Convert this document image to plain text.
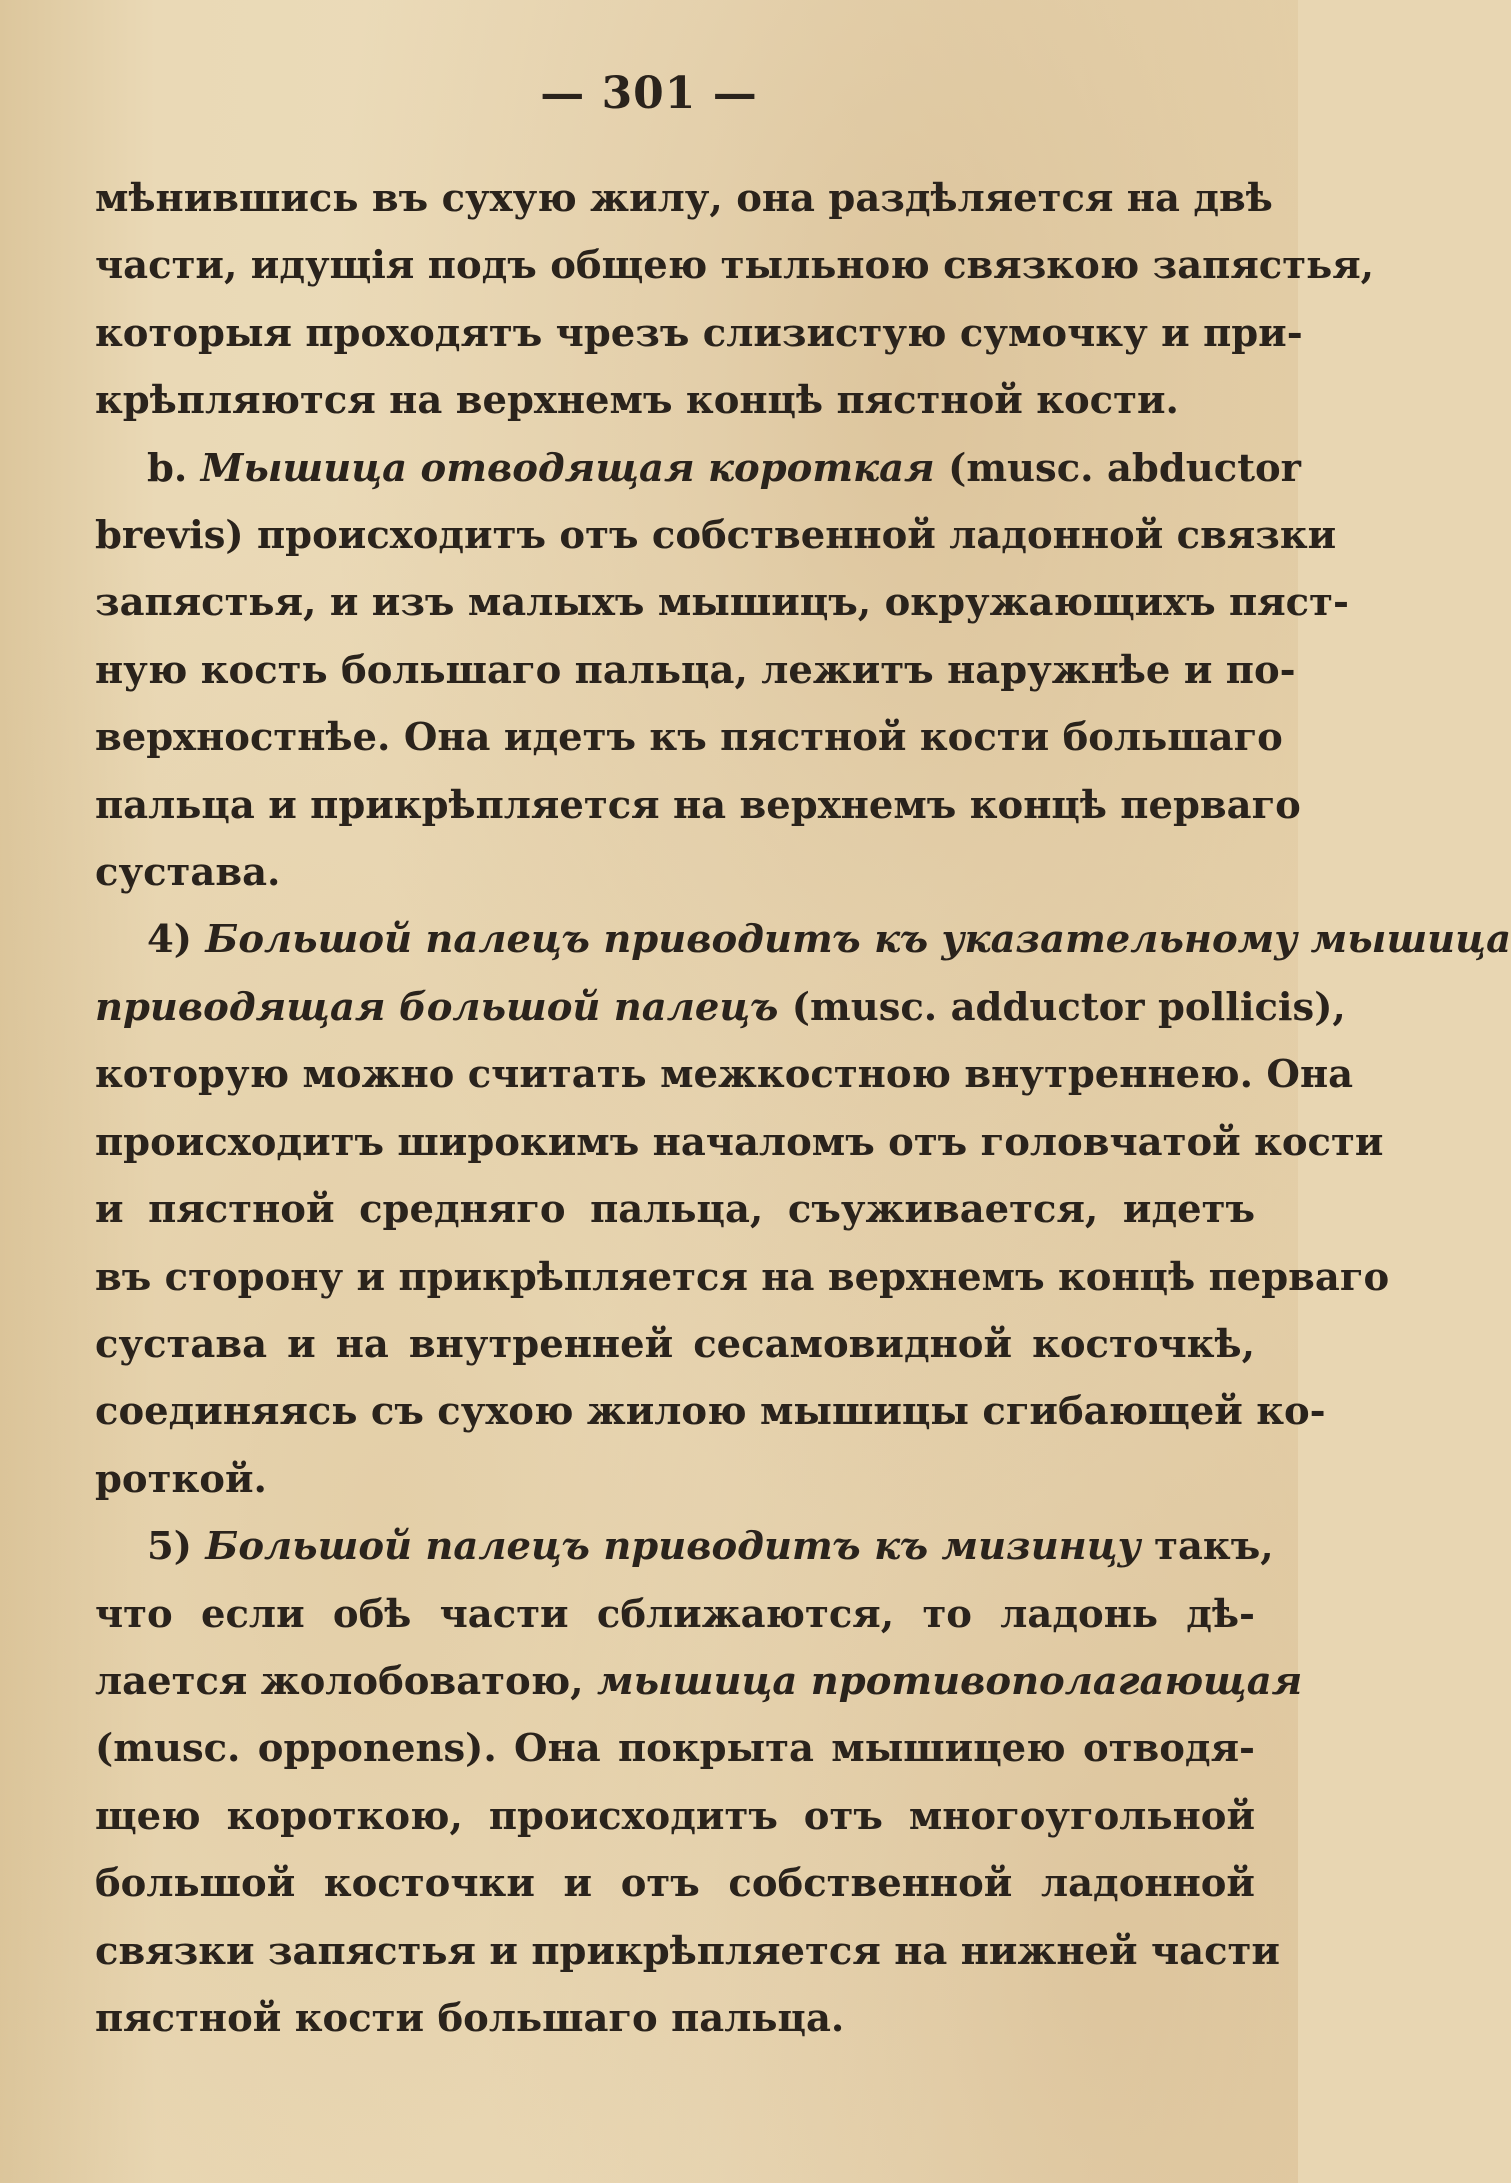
— 301 —
мѣнившись въ сухую жилу, она раздѣляется на двѣ
части, идущія подъ общею тыльною связкою запястья,
которыя проходятъ чрезъ слизистую сумочку и при-
крѣпляются на верхнемъ концѣ пястной кости.
b. Мышица отводящая короткая (musc. abductor
brevis) происходитъ отъ собственной ладонной связки
запястья, и изъ малыхъ мышицъ, окружающихъ пяст-
ную кость большаго пальца, лежитъ наружнѣе и по-
верхностнѣе. Она идетъ къ пястной кости большаго
пальца и прикрѣпляется на верхнемъ концѣ перваго
сустава.
4) Большой палецъ приводитъ къ указательному мышица
приводящая большой палецъ (musc. adductor pollicis),
которую можно считать межкостною внутреннею. Она
происходитъ широкимъ началомъ отъ головчатой кости
и пястной средняго пальца, съуживается, идетъ
въ сторону и прикрѣпляется на верхнемъ концѣ перваго
сустава и на внутренней сесамовидной косточкѣ,
соединяясь съ сухою жилою мышицы сгибающей ко-
роткой.
5) Большой палецъ приводитъ къ мизинцу такъ,
что если обѣ части сближаются, то ладонь дѣ-
лается жолобоватою, мышица противополагающая
(musc. opponens). Она покрыта мышицею отводя-
щею короткою, происходитъ отъ многоугольной
большой косточки и отъ собственной ладонной
связки запястья и прикрѣпляется на нижней части
пястной кости большаго пальца.
